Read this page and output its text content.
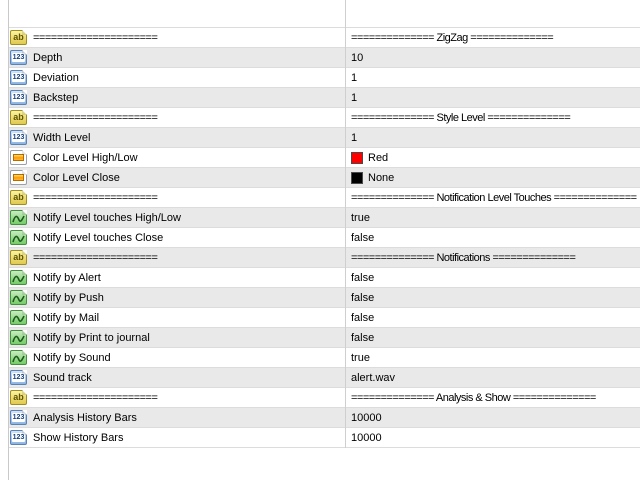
ab =====================	============== ZigZag ==============
123 Depth	10
123 Deviation	1
123 Backstep	1
ab =====================	============== Style Level ==============
123 Width Level	1
Color Level High/Low	Red
Color Level Close	None
ab =====================	============== Notification Level Touches ==============
Notify Level touches High/Low	true
Notify Level touches Close	false
ab =====================	============== Notifications ==============
Notify by Alert	false
Notify by Push	false
Notify by Mail	false
Notify by Print to journal	false
Notify by Sound	true
123 Sound track	alert.wav
ab =====================	============== Analysis & Show ==============
123 Analysis History Bars	10000
123 Show History Bars	10000
